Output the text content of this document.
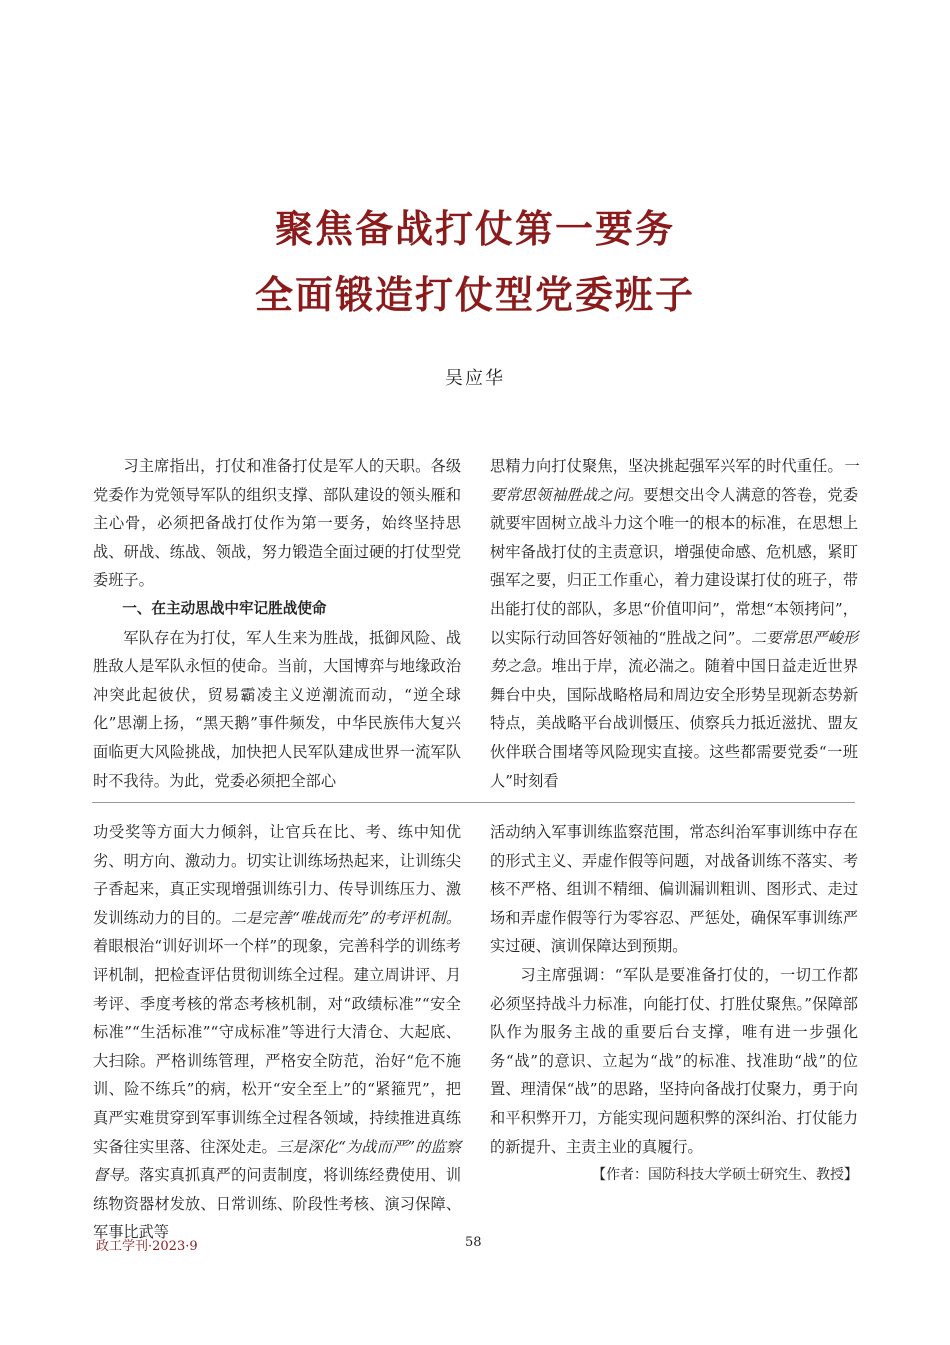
聚焦备战打仗第一要务
全面锻造打仗型党委班子
吴应华

习主席指出，打仗和准备打仗是军人的天职。各级党委作为党领导军队的组织支撑、部队建设的领头雁和主心骨，必须把备战打仗作为第一要务，始终坚持思战、研战、练战、领战，努力锻造全面过硬的打仗型党委班子。

一、在主动思战中牢记胜战使命

军队存在为打仗，军人生来为胜战，抵御风险、战胜敌人是军队永恒的使命。当前，大国博弈与地缘政治冲突此起彼伏，贸易霸凌主义逆潮流而动，“逆全球化”思潮上扬，“黑天鹅”事件频发，中华民族伟大复兴面临更大风险挑战，加快把人民军队建成世界一流军队时不我待。为此，党委必须把全部心

思精力向打仗聚焦，坚决挑起强军兴军的时代重任。一要常思领袖胜战之问。要想交出令人满意的答卷，党委就要牢固树立战斗力这个唯一的根本的标准，在思想上树牢备战打仗的主责意识，增强使命感、危机感，紧盯强军之要，归正工作重心，着力建设谋打仗的班子，带出能打仗的部队，多思“价值叩问”，常想“本领拷问”，以实际行动回答好领袖的“胜战之问”。二要常思严峻形势之急。堆出于岸，流必湍之。随着中国日益走近世界舞台中央，国际战略格局和周边安全形势呈现新态势新特点，美战略平台战训慑压、侦察兵力抵近滋扰、盟友伙伴联合围堵等风险现实直接。这些都需要党委“一班人”时刻看

功受奖等方面大力倾斜，让官兵在比、考、练中知优劣、明方向、激动力。切实让训练场热起来，让训练尖子香起来，真正实现增强训练引力、传导训练压力、激发训练动力的目的。二是完善“唯战而先”的考评机制。着眼根治“训好训坏一个样”的现象，完善科学的训练考评机制，把检查评估贯彻训练全过程。建立周讲评、月考评、季度考核的常态考核机制，对“政绩标准”“安全标准”“生活标准”“守成标准”等进行大清仓、大起底、大扫除。严格训练管理，严格安全防范，治好“危不施训、险不练兵”的病，松开“安全至上”的“紧箍咒”，把真严实难贯穿到军事训练全过程各领域，持续推进真练实备往实里落、往深处走。三是深化“为战而严”的监察督导。落实真抓真严的问责制度，将训练经费使用、训练物资器材发放、日常训练、阶段性考核、演习保障、军事比武等

活动纳入军事训练监察范围，常态纠治军事训练中存在的形式主义、弄虚作假等问题，对战备训练不落实、考核不严格、组训不精细、偏训漏训粗训、图形式、走过场和弄虚作假等行为零容忍、严惩处，确保军事训练严实过硬、演训保障达到预期。

习主席强调：“军队是要准备打仗的，一切工作都必须坚持战斗力标准，向能打仗、打胜仗聚焦。”保障部队作为服务主战的重要后台支撑，唯有进一步强化务“战”的意识、立起为“战”的标准、找准助“战”的位置、理清保“战”的思路，坚持向备战打仗聚力，勇于向和平积弊开刀，方能实现问题积弊的深纠治、打仗能力的新提升、主责主业的真履行。

【作者：国防科技大学硕士研究生、教授】

政工学刊·2023·9	58
